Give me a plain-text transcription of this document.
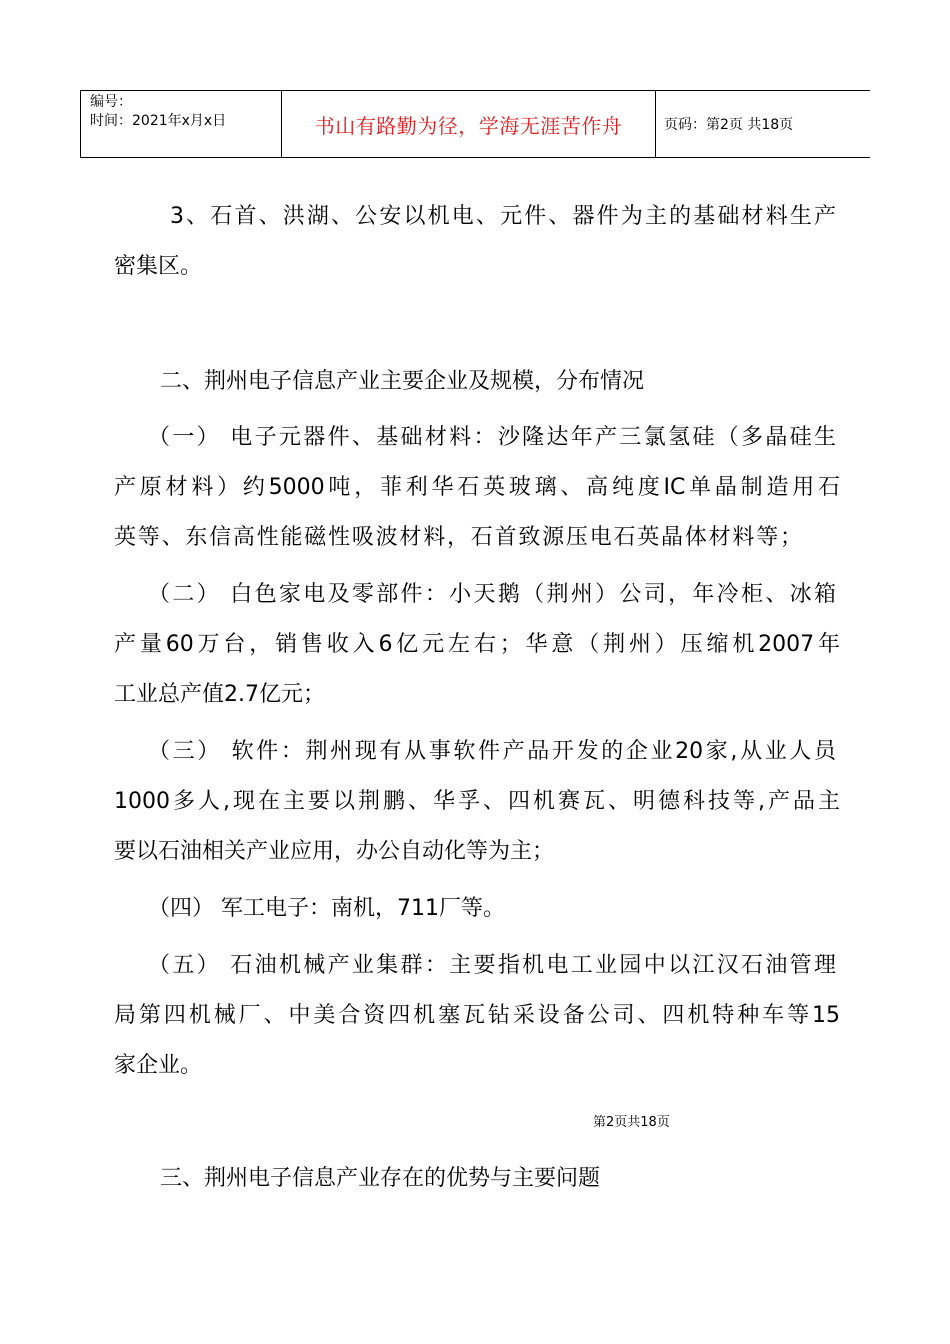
编号：
时间：2021年x月x日	书山有路勤为径，学海无涯苦作舟	页码：第2页 共18页
3、石首、洪湖、公安以机电、元件、器件为主的基础材料生产
密集区。
二、荆州电子信息产业主要企业及规模，分布情况
（一） 电子元器件、基础材料：沙隆达年产三氯氢硅（多晶硅生
产原材料）约5000吨，菲利华石英玻璃、高纯度IC单晶制造用石
英等、东信高性能磁性吸波材料，石首致源压电石英晶体材料等；
（二） 白色家电及零部件：小天鹅（荆州）公司，年冷柜、冰箱
产量60万台，销售收入6亿元左右；华意（荆州）压缩机2007年
工业总产值2.7亿元；
（三） 软件：荆州现有从事软件产品开发的企业20家,从业人员
1000多人,现在主要以荆鹏、华孚、四机赛瓦、明德科技等,产品主
要以石油相关产业应用，办公自动化等为主；
（四） 军工电子：南机，711厂等。
（五） 石油机械产业集群：主要指机电工业园中以江汉石油管理
局第四机械厂、中美合资四机塞瓦钻采设备公司、四机特种车等15
家企业。
第2页共18页
三、荆州电子信息产业存在的优势与主要问题
